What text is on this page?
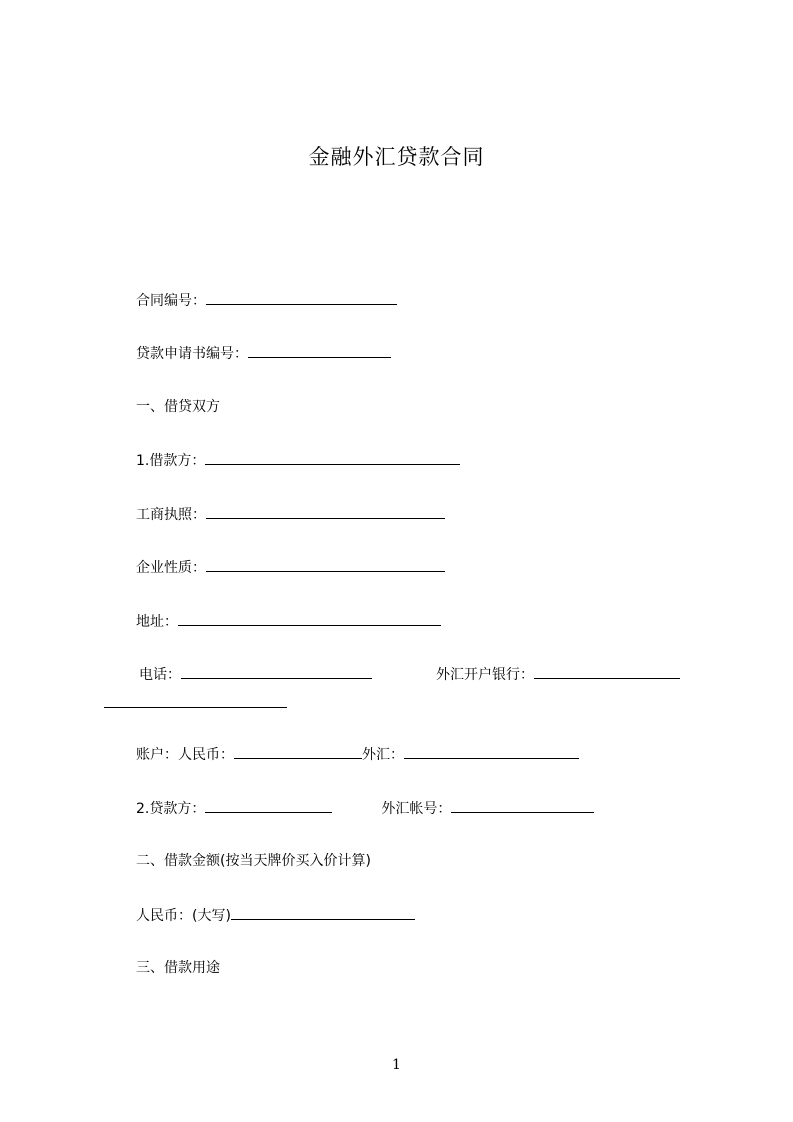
金融外汇贷款合同
合同编号：
贷款申请书编号：
一、借贷双方
1.借款方：
工商执照：
企业性质：
地址：
电话：	外汇开户银行：
账户：人民币：	外汇：
2.贷款方：	外汇帐号：
二、借款金额(按当天牌价买入价计算)
人民币：(大写)
三、借款用途
1
